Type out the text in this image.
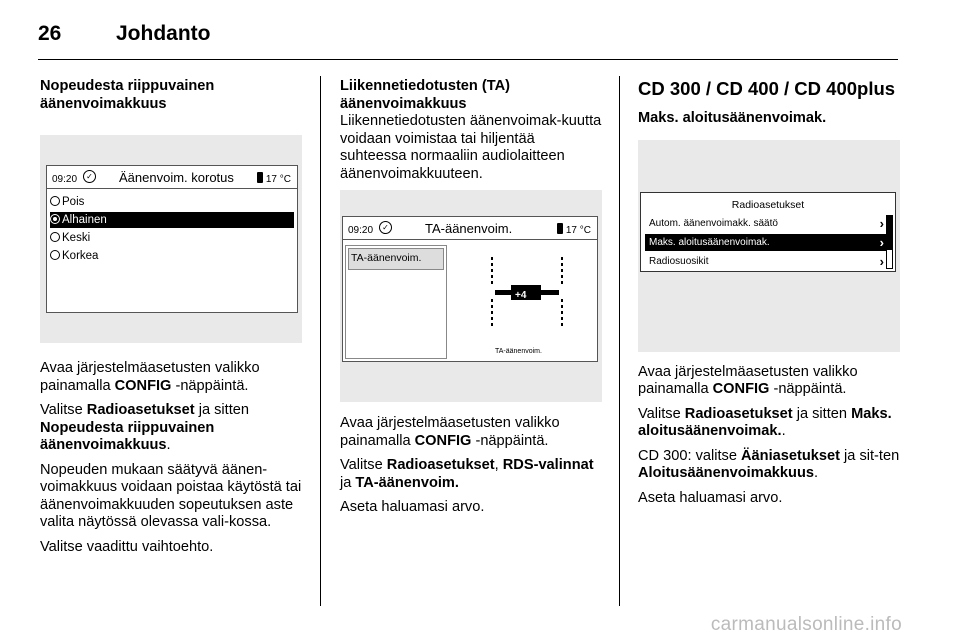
26	Johdanto

Nopeudesta riippuvainen äänenvoimakkuus

09:20	✓ Äänenvoim. korotus	17 °C
Pois
Alhainen
Keski
Korkea

Avaa järjestelmäasetusten valikko painamalla CONFIG -näppäintä.

Valitse Radioasetukset ja sitten Nopeudesta riippuvainen äänenvoimakkuus.

Nopeuden mukaan säätyvä äänen-voimakkuus voidaan poistaa käytöstä tai äänenvoimakkuuden sopeutuksen aste valita näytössä olevassa vali-kossa.

Valitse vaadittu vaihtoehto.

Liikennetiedotusten (TA) äänenvoimakkuus

Liikennetiedotusten äänenvoimak-kuutta voidaan voimistaa tai hiljentää suhteessa normaaliin audiolaitteen äänenvoimakkuuteen.

09:20	✓	TA-äänenvoim.	17 °C
TA-äänenvoim.
+4
TA-äänenvoim.

Avaa järjestelmäasetusten valikko painamalla CONFIG -näppäintä.

Valitse Radioasetukset, RDS-valinnat ja TA-äänenvoim.

Aseta haluamasi arvo.

CD 300 / CD 400 / CD 400plus

Maks. aloitusäänenvoimak.

Radioasetukset
Autom. äänenvoimakk. säätö	›
Maks. aloitusäänenvoimak.	›
Radiosuosikit	›

Avaa järjestelmäasetusten valikko painamalla CONFIG -näppäintä.

Valitse Radioasetukset ja sitten Maks. aloitusäänenvoimak..

CD 300: valitse Ääniasetukset ja sit-ten Aloitusäänenvoimakkuus.

Aseta haluamasi arvo.

carmanualsonline.info
